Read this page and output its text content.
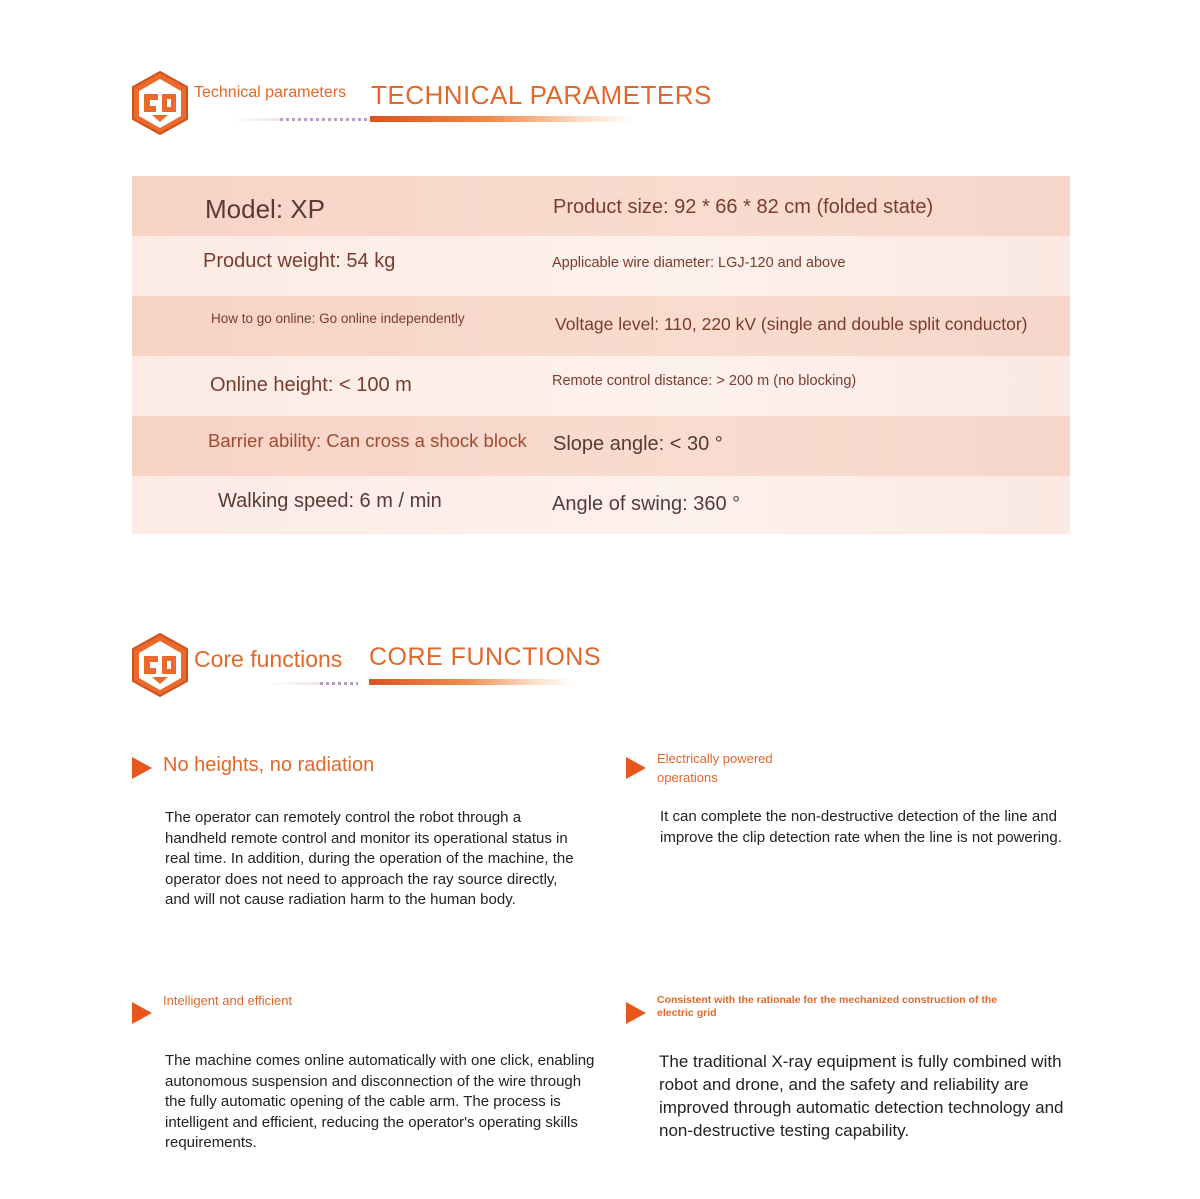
Technical parameters TECHNICAL PARAMETERS
Model: XP	Product size: 92 * 66 * 82 cm (folded state)
Product weight: 54 kg	Applicable wire diameter: LGJ-120 and above
How to go online: Go online independently	Voltage level: 110, 220 kV (single and double split conductor)
Online height: < 100 m	Remote control distance: > 200 m (no blocking)
Barrier ability: Can cross a shock block Slope angle: < 30 °
Walking speed: 6 m / min	Angle of swing: 360 °
Core functions CORE FUNCTIONS
No heights, no radiation
The operator can remotely control the robot through a
handheld remote control and monitor its operational status in
real time. In addition, during the operation of the machine, the
operator does not need to approach the ray source directly,
and will not cause radiation harm to the human body.
Electrically powered
operations
It can complete the non-destructive detection of the line and
improve the clip detection rate when the line is not powering.
Intelligent and efficient
The machine comes online automatically with one click, enabling
autonomous suspension and disconnection of the wire through
the fully automatic opening of the cable arm. The process is
intelligent and efficient, reducing the operator's operating skills
requirements.
Consistent with the rationale for the mechanized construction of the
electric grid
The traditional X-ray equipment is fully combined with
robot and drone, and the safety and reliability are
improved through automatic detection technology and
non-destructive testing capability.
